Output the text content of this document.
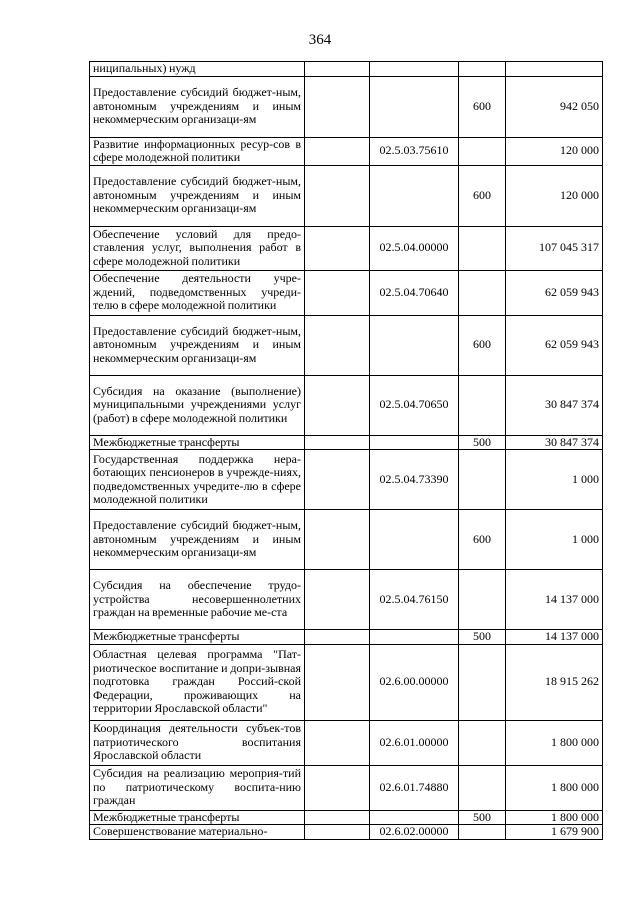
364
ниципальных) нужд				

Предоставление субсидий бюджет-ным, автономным учреждениям и иным некоммерческим организаци-ям			600	942 050

Развитие информационных ресур-сов в сфере молодежной политики		02.5.03.75610		120 000

Предоставление субсидий бюджет-ным, автономным учреждениям и иным некоммерческим организаци-ям			600	120 000

Обеспечение условий для предо-ставления услуг, выполнения работ в сфере молодежной политики		02.5.04.00000		107 045 317

Обеспечение деятельности учре-ждений, подведомственных учреди-телю в сфере молодежной политики		02.5.04.70640		62 059 943

Предоставление субсидий бюджет-ным, автономным учреждениям и иным некоммерческим организаци-ям			600	62 059 943

Субсидия на оказание (выполнение) муниципальными учреждениями услуг (работ) в сфере молодежной политики		02.5.04.70650		30 847 374

Межбюджетные трансферты			500	30 847 374

Государственная поддержка нера-ботающих пенсионеров в учрежде-ниях, подведомственных учредите-лю в сфере молодежной политики		02.5.04.73390		1 000

Предоставление субсидий бюджет-ным, автономным учреждениям и иным некоммерческим организаци-ям			600	1 000

Субсидия на обеспечение трудо-устройства несовершеннолетних граждан на временные рабочие ме-ста		02.5.04.76150		14 137 000

Межбюджетные трансферты			500	14 137 000

Областная целевая программа "Пат-риотическое воспитание и допри-зывная подготовка граждан Россий-ской Федерации, проживающих на территории Ярославской области"		02.6.00.00000		18 915 262

Координация деятельности субъек-тов патриотического воспитания Ярославской области		02.6.01.00000		1 800 000

Субсидия на реализацию мероприя-тий по патриотическому воспита-нию граждан		02.6.01.74880		1 800 000

Межбюджетные трансферты			500	1 800 000

Совершенствование материально-		02.6.02.00000		1 679 900
